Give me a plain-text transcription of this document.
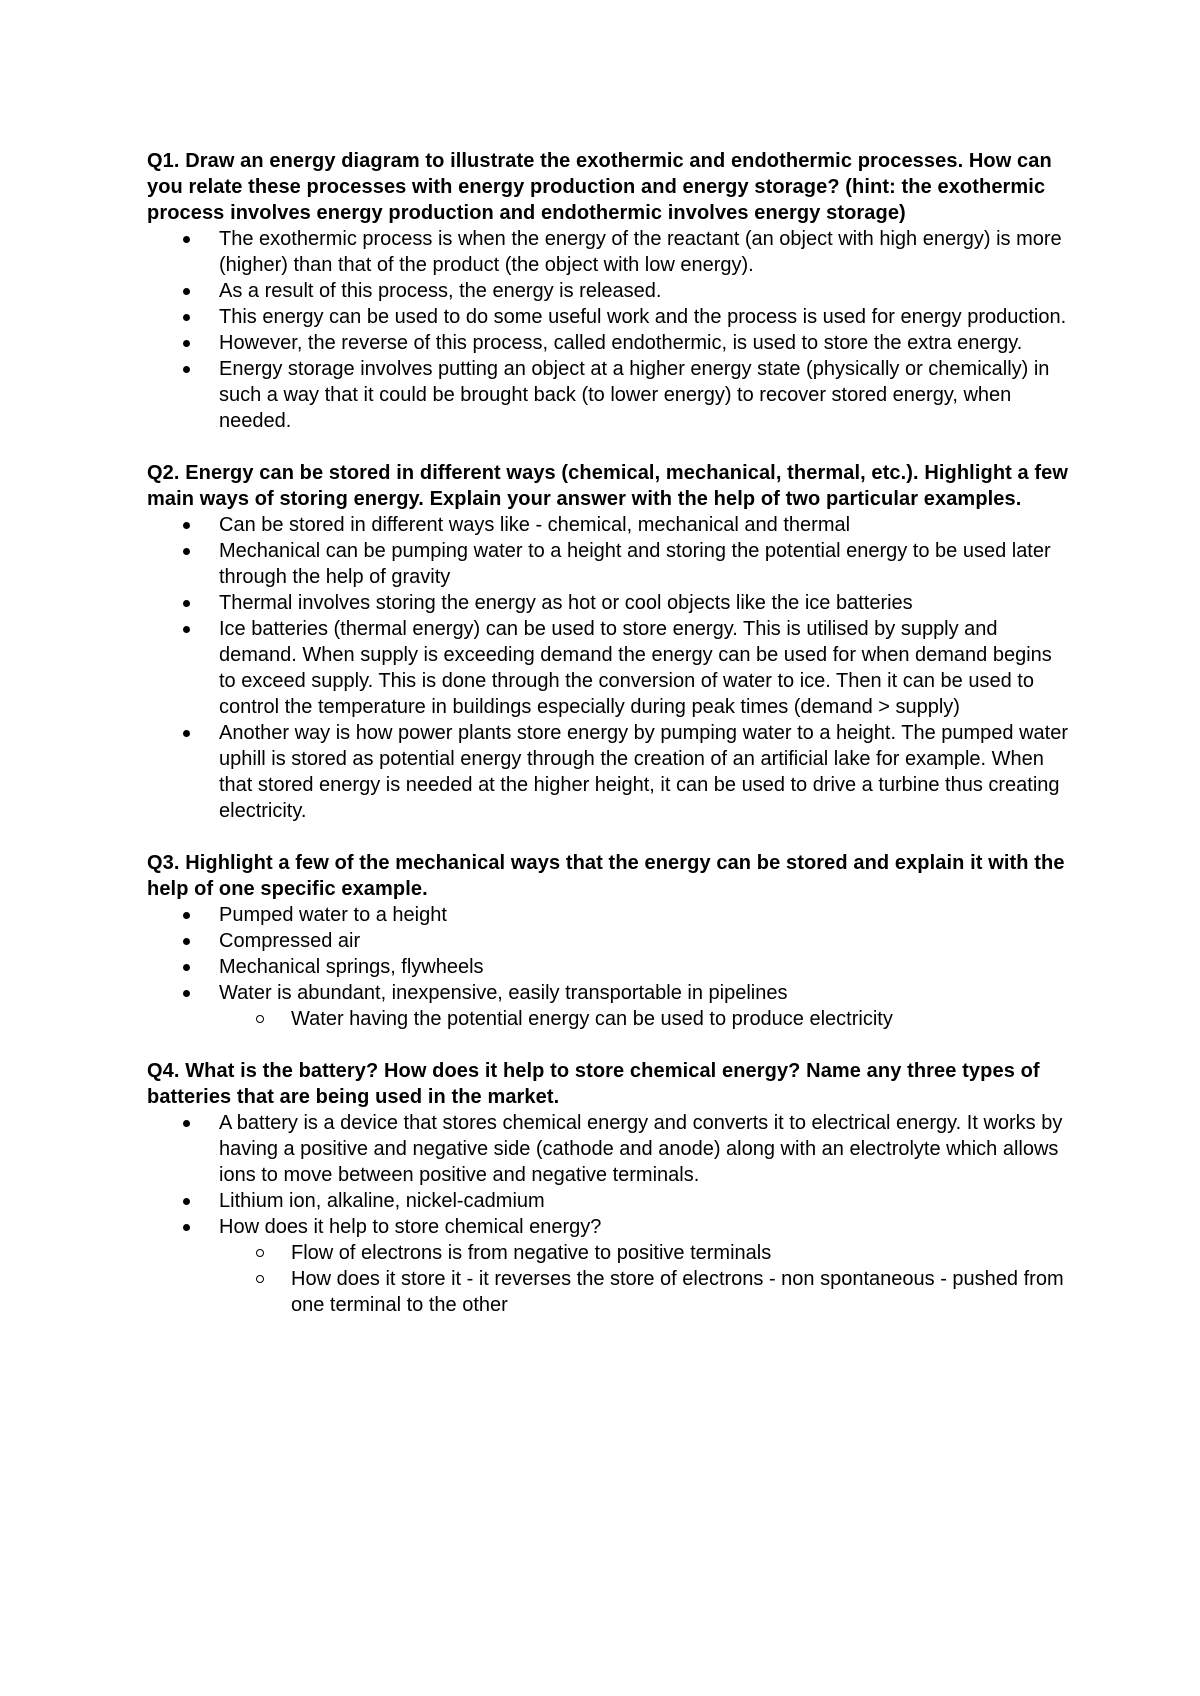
Q1. Draw an energy diagram to illustrate the exothermic and endothermic processes. How can you relate these processes with energy production and energy storage? (hint: the exothermic process involves energy production and endothermic involves energy storage)

The exothermic process is when the energy of the reactant (an object with high energy) is more (higher) than that of the product (the object with low energy).
As a result of this process, the energy is released.
This energy can be used to do some useful work and the process is used for energy production.
However, the reverse of this process, called endothermic, is used to store the extra energy.
Energy storage involves putting an object at a higher energy state (physically or chemically) in such a way that it could be brought back (to lower energy) to recover stored energy, when needed.

Q2. Energy can be stored in different ways (chemical, mechanical, thermal, etc.). Highlight a few main ways of storing energy. Explain your answer with the help of two particular examples.

Can be stored in different ways like - chemical, mechanical and thermal
Mechanical can be pumping water to a height and storing the potential energy to be used later through the help of gravity
Thermal involves storing the energy as hot or cool objects like the ice batteries
Ice batteries (thermal energy) can be used to store energy. This is utilised by supply and demand. When supply is exceeding demand the energy can be used for when demand begins to exceed supply. This is done through the conversion of water to ice. Then it can be used to control the temperature in buildings especially during peak times (demand > supply)
Another way is how power plants store energy by pumping water to a height. The pumped water uphill is stored as potential energy through the creation of an artificial lake for example. When that stored energy is needed at the higher height, it can be used to drive a turbine thus creating electricity.

Q3. Highlight a few of the mechanical ways that the energy can be stored and explain it with the help of one specific example.

Pumped water to a height
Compressed air
Mechanical springs, flywheels
Water is abundant, inexpensive, easily transportable in pipelines
Water having the potential energy can be used to produce electricity

Q4. What is the battery? How does it help to store chemical energy? Name any three types of batteries that are being used in the market.

A battery is a device that stores chemical energy and converts it to electrical energy. It works by having a positive and negative side (cathode and anode) along with an electrolyte which allows ions to move between positive and negative terminals.
Lithium ion, alkaline, nickel-cadmium
How does it help to store chemical energy?
Flow of electrons is from negative to positive terminals
How does it store it - it reverses the store of electrons - non spontaneous - pushed from one terminal to the other
